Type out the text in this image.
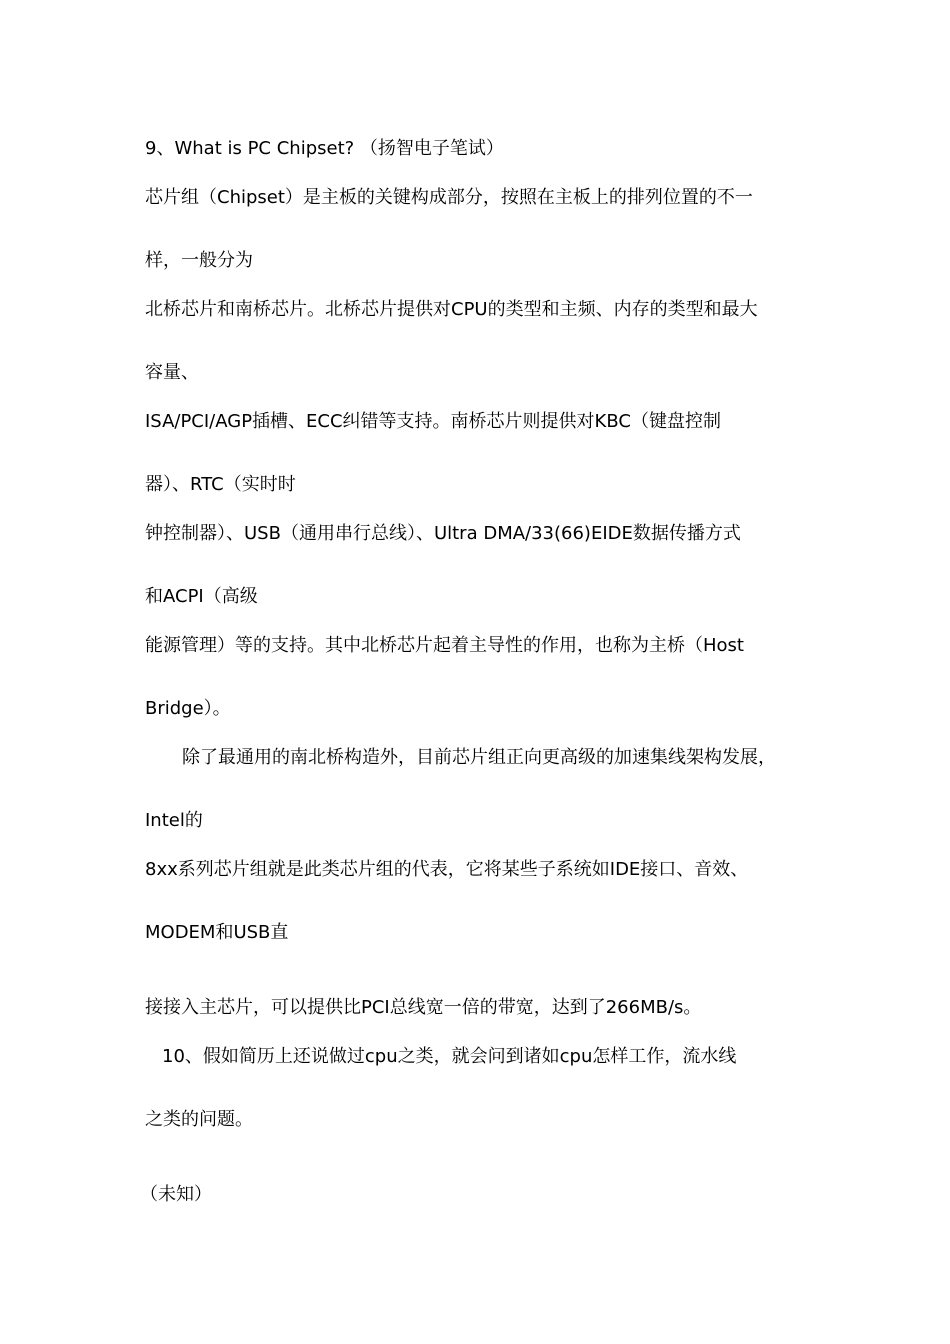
9、What is PC Chipset? （扬智电子笔试）
芯片组（Chipset）是主板的关键构成部分，按照在主板上的排列位置的不一
样，一般分为
北桥芯片和南桥芯片。北桥芯片提供对CPU的类型和主频、内存的类型和最大
容量、
ISA/PCI/AGP插槽、ECC纠错等支持。南桥芯片则提供对KBC（键盘控制
器）、RTC（实时时
钟控制器）、USB（通用串行总线）、Ultra DMA/33(66)EIDE数据传播方式
和ACPI（高级
能源管理）等的支持。其中北桥芯片起着主导性的作用，也称为主桥（Host
Bridge）。
除了最通用的南北桥构造外，目前芯片组正向更高级的加速集线架构发展，
Intel的
8xx系列芯片组就是此类芯片组的代表，它将某些子系统如IDE接口、音效、
MODEM和USB直
接接入主芯片，可以提供比PCI总线宽一倍的带宽，达到了266MB/s。
10、假如简历上还说做过cpu之类，就会问到诸如cpu怎样工作，流水线
之类的问题。
（未知）
